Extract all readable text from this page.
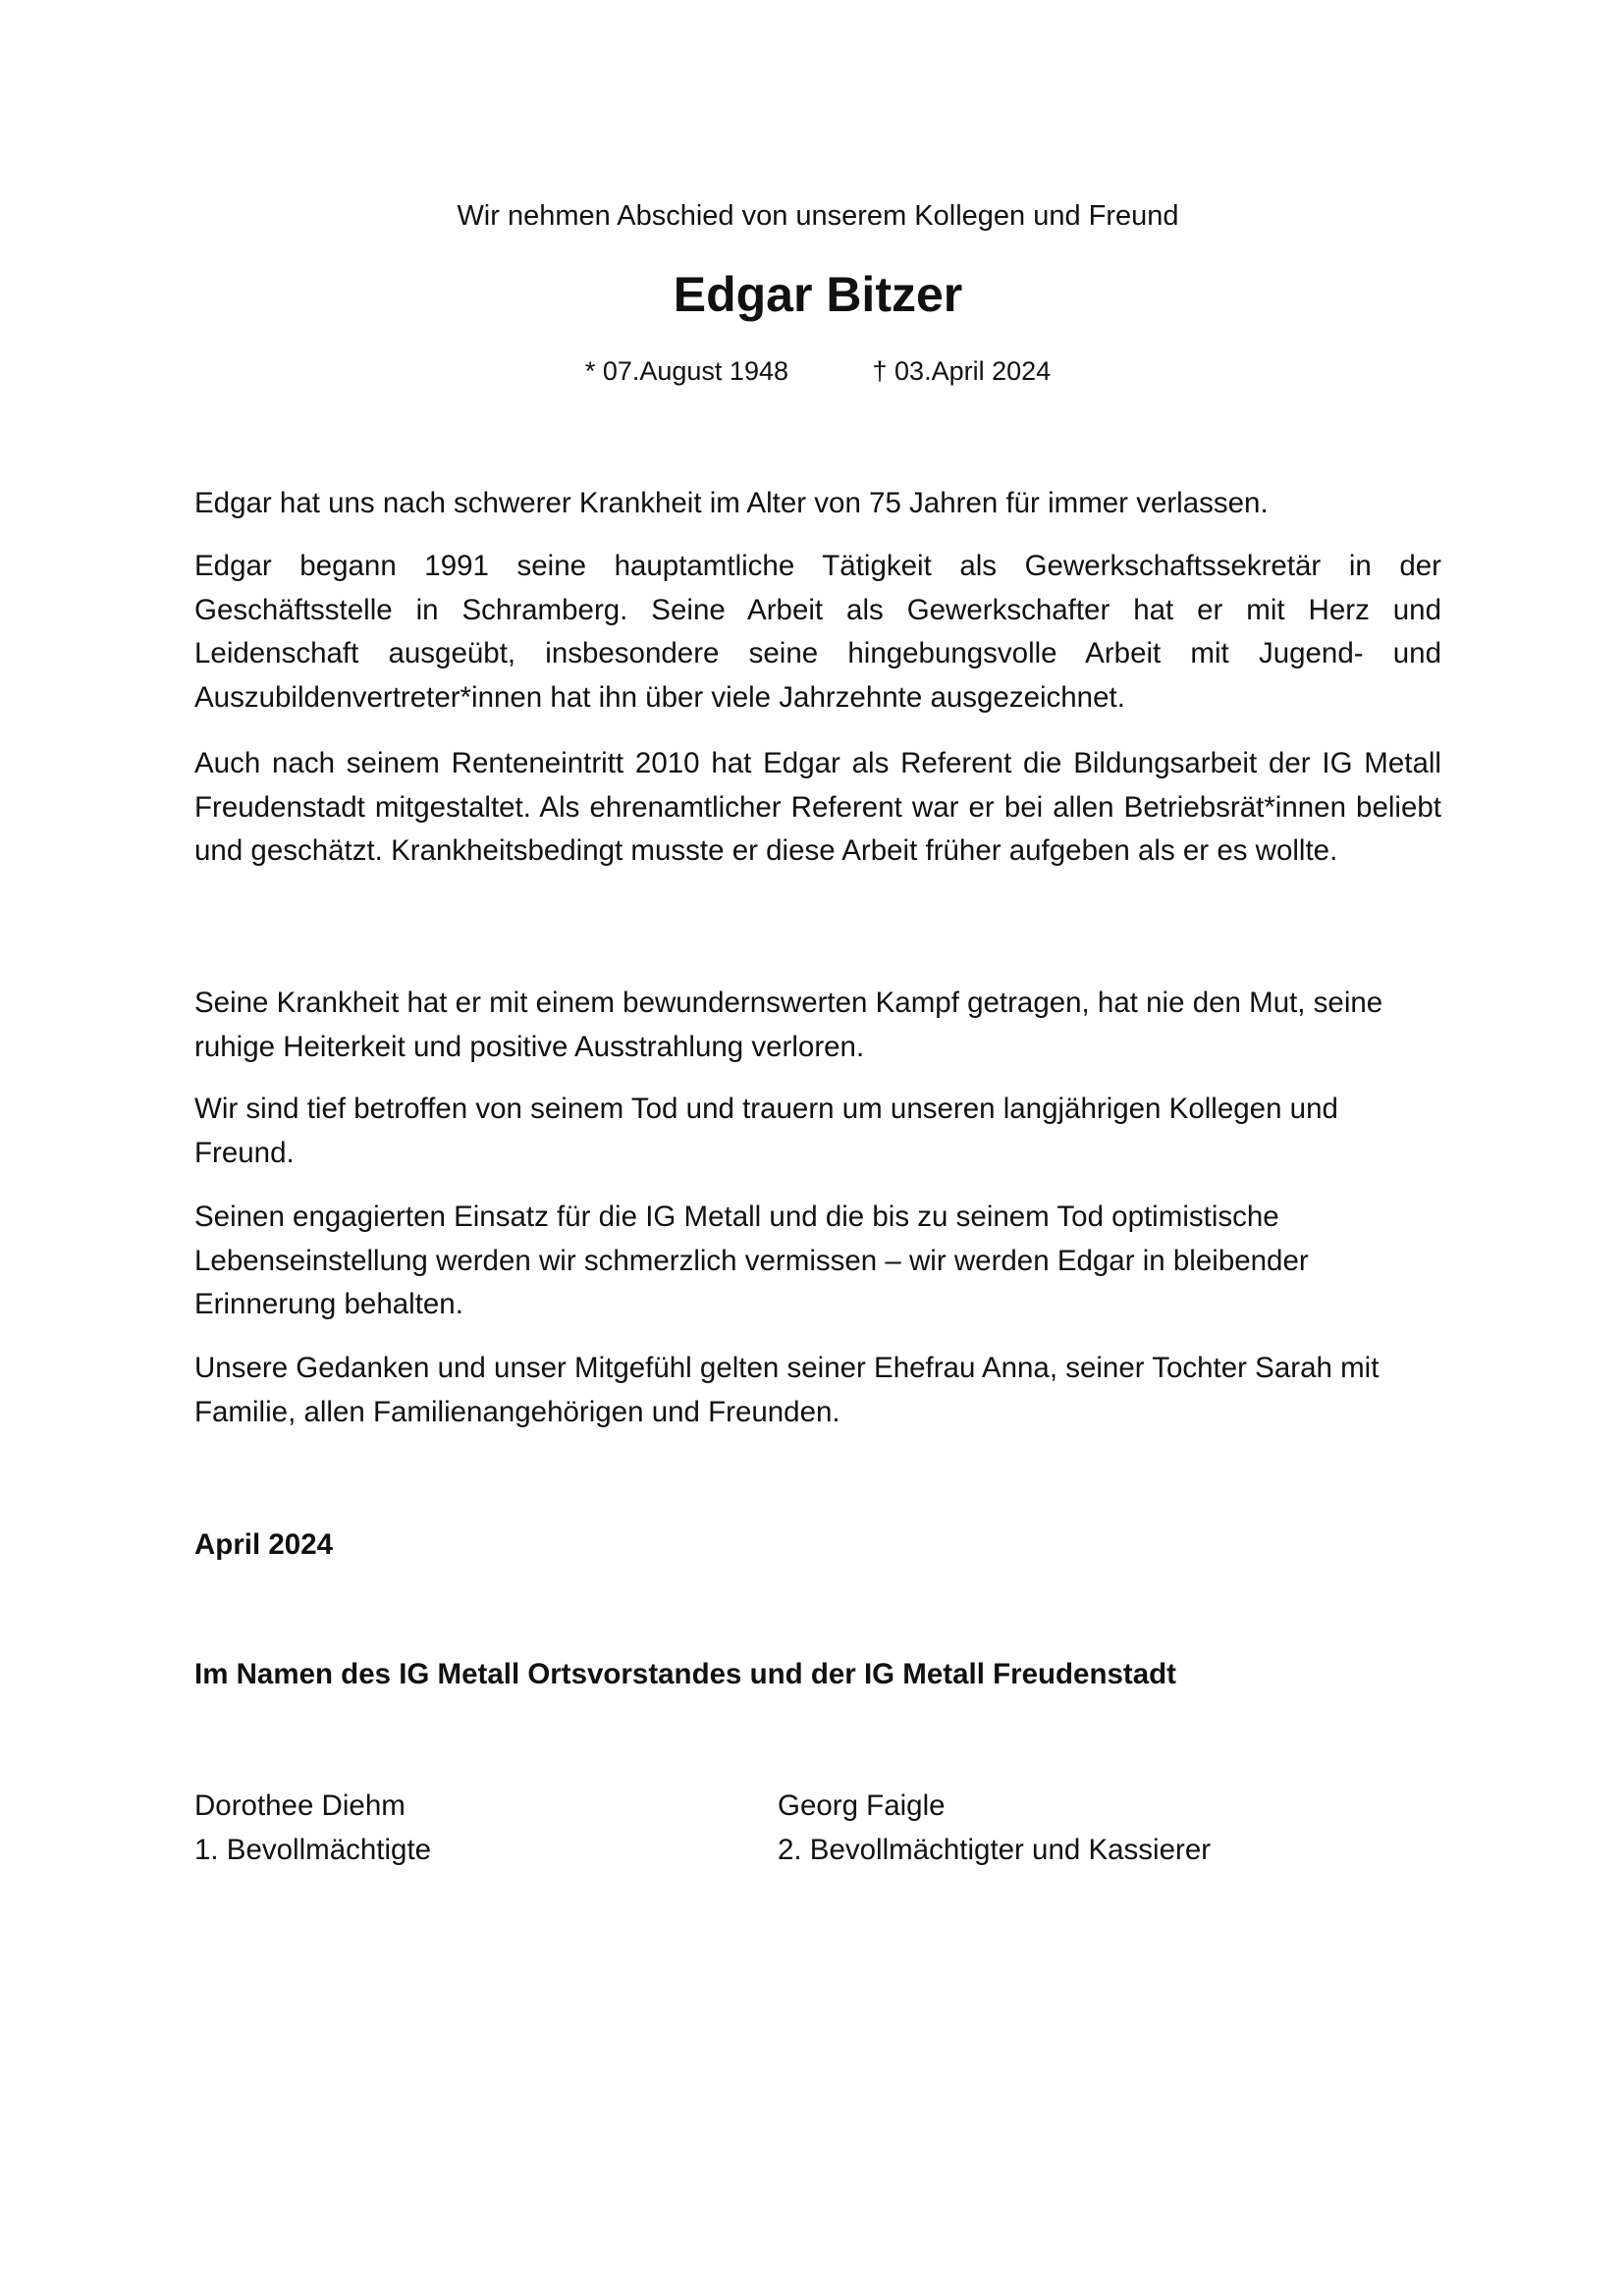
Wir nehmen Abschied von unserem Kollegen und Freund
Edgar Bitzer
* 07.August 1948	† 03.April 2024
Edgar hat uns nach schwerer Krankheit im Alter von 75 Jahren für immer verlassen.
Edgar begann 1991 seine hauptamtliche Tätigkeit als Gewerkschaftssekretär in der Geschäftsstelle in Schramberg. Seine Arbeit als Gewerkschafter hat er mit Herz und Leidenschaft ausgeübt, insbesondere seine hingebungsvolle Arbeit mit Jugend- und Auszubildenvertreter*innen hat ihn über viele Jahrzehnte ausgezeichnet.
Auch nach seinem Renteneintritt 2010 hat Edgar als Referent die Bildungsarbeit der IG Metall Freudenstadt mitgestaltet. Als ehrenamtlicher Referent war er bei allen Betriebsrät*innen beliebt und geschätzt. Krankheitsbedingt musste er diese Arbeit früher aufgeben als er es wollte.
Seine Krankheit hat er mit einem bewundernswerten Kampf getragen, hat nie den Mut, seine ruhige Heiterkeit und positive Ausstrahlung verloren.
Wir sind tief betroffen von seinem Tod und trauern um unseren langjährigen Kollegen und Freund.
Seinen engagierten Einsatz für die IG Metall und die bis zu seinem Tod optimistische Lebenseinstellung werden wir schmerzlich vermissen – wir werden Edgar in bleibender Erinnerung behalten.
Unsere Gedanken und unser Mitgefühl gelten seiner Ehefrau Anna, seiner Tochter Sarah mit Familie, allen Familienangehörigen und Freunden.
April 2024
Im Namen des IG Metall Ortsvorstandes und der IG Metall Freudenstadt
Dorothee Diehm
1. Bevollmächtigte
Georg Faigle
2. Bevollmächtigter und Kassierer
